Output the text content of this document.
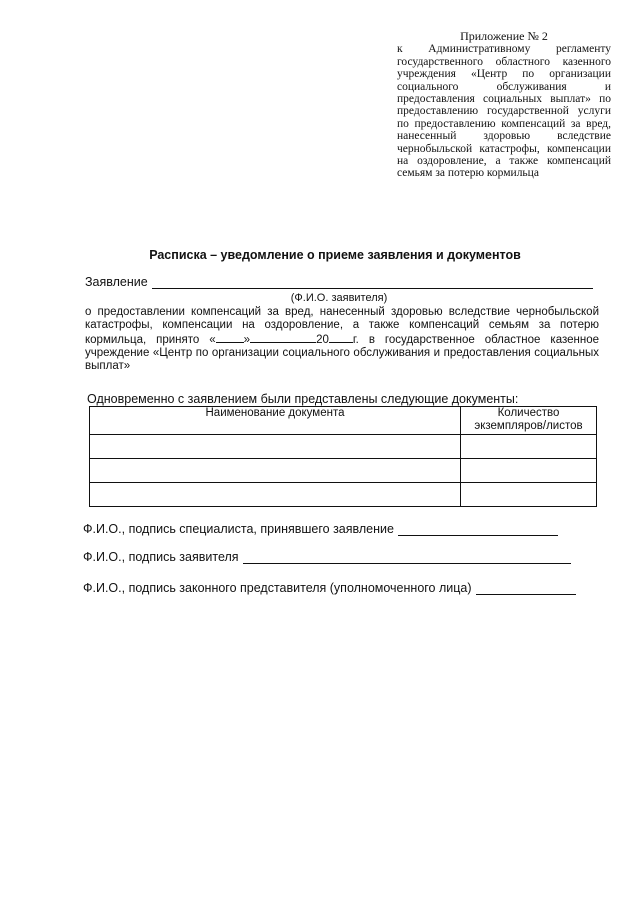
Приложение № 2
к Административному регламенту государственного областного казенного учреждения «Центр по организации социального обслуживания и предоставления социальных выплат» по предоставлению государственной услуги по предоставлению компенсаций за вред, нанесенный здоровью вследствие чернобыльской катастрофы, компенсации на оздоровление, а также компенсаций семьям за потерю кормильца
Расписка – уведомление о приеме заявления и документов
Заявление
(Ф.И.О. заявителя)
о предоставлении компенсаций за вред, нанесенный здоровью вследствие чернобыльской катастрофы, компенсации на оздоровление, а также компенсаций семьям за потерю кормильца, принято « »	20 г. в государственное областное казенное учреждение «Центр по организации социального обслуживания и предоставления социальных выплат»
Одновременно с заявлением были представлены следующие документы:
Наименование документа	Количество экземпляров/листов

Ф.И.О., подпись специалиста, принявшего заявление
Ф.И.О., подпись заявителя
Ф.И.О., подпись законного представителя (уполномоченного лица)
